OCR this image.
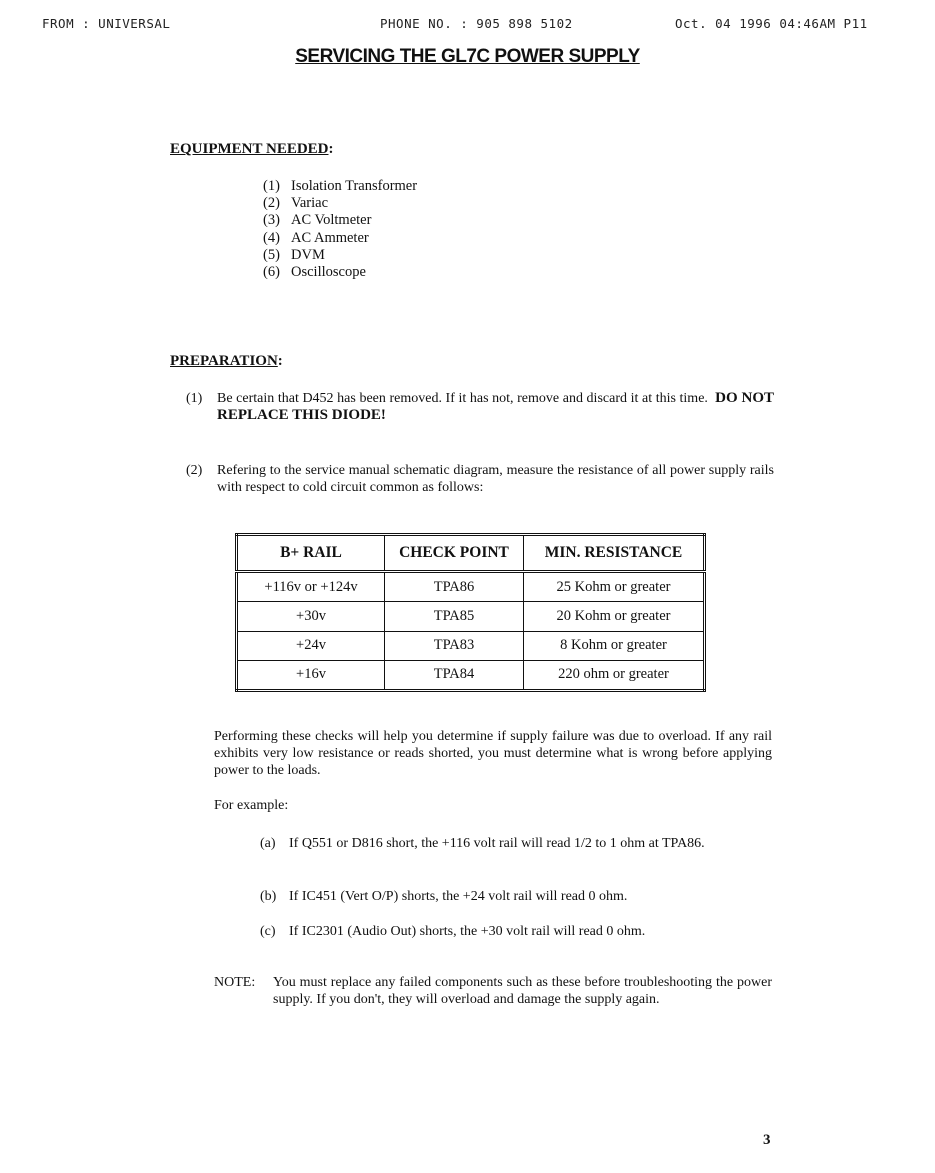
FROM : UNIVERSAL	PHONE NO. : 905 898 5102	Oct. 04 1996 04:46AM P11
SERVICING THE GL7C POWER SUPPLY
EQUIPMENT NEEDED:
(1) Isolation Transformer
(2) Variac
(3) AC Voltmeter
(4) AC Ammeter
(5) DVM
(6) Oscilloscope
PREPARATION:
(1) Be certain that D452 has been removed. If it has not, remove and discard it at this time. DO NOT REPLACE THIS DIODE!
(2) Refering to the service manual schematic diagram, measure the resistance of all power supply rails with respect to cold circuit common as follows:
B+ RAIL	CHECK POINT	MIN. RESISTANCE
+116v or +124v	TPA86	25 Kohm or greater
+30v	TPA85	20 Kohm or greater
+24v	TPA83	8 Kohm or greater
+16v	TPA84	220 ohm or greater
Performing these checks will help you determine if supply failure was due to overload. If any rail exhibits very low resistance or reads shorted, you must determine what is wrong before applying power to the loads.
For example:
(a) If Q551 or D816 short, the +116 volt rail will read 1/2 to 1 ohm at TPA86.
(b) If IC451 (Vert O/P) shorts, the +24 volt rail will read 0 ohm.
(c) If IC2301 (Audio Out) shorts, the +30 volt rail will read 0 ohm.
NOTE: You must replace any failed components such as these before troubleshooting the power supply. If you don't, they will overload and damage the supply again.
3
